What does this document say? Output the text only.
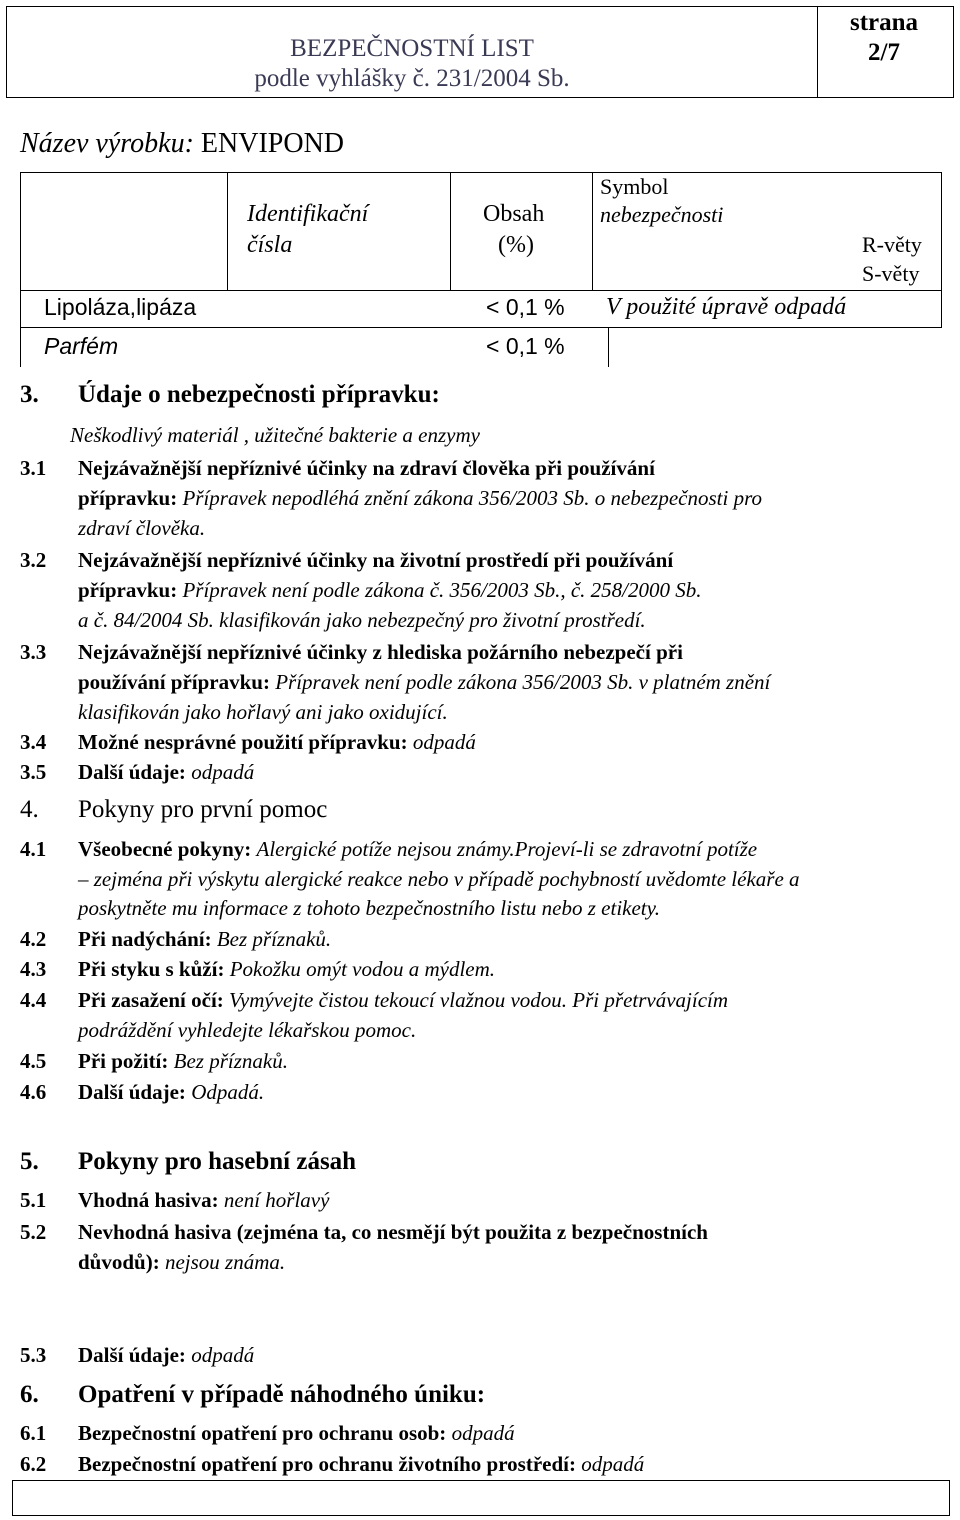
BEZPEČNOSTNÍ LIST
podle vyhlášky č. 231/2004 Sb.
strana
2/7
Název výrobku: ENVIPOND
Identifikační
čísla
Obsah
(%)
Symbol
nebezpečnosti
R-věty
S-věty
Lipoláza,lipáza	< 0,1 % V použité úpravě odpadá
Parfém	< 0,1 %
3. Údaje o nebezpečnosti přípravku:
Neškodlivý materiál , užitečné bakterie a enzymy
3.1 Nejzávažnější nepříznivé účinky na zdraví člověka při používání
přípravku: Přípravek nepodléhá znění zákona 356/2003 Sb. o nebezpečnosti pro
zdraví člověka.
3.2 Nejzávažnější nepříznivé účinky na životní prostředí při používání
přípravku: Přípravek není podle zákona č. 356/2003 Sb., č. 258/2000 Sb.
a č. 84/2004 Sb. klasifikován jako nebezpečný pro životní prostředí.
3.3 Nejzávažnější nepříznivé účinky z hlediska požárního nebezpečí při
používání přípravku: Přípravek není podle zákona 356/2003 Sb. v platném znění
klasifikován jako hořlavý ani jako oxidující.
3.4 Možné nesprávné použití přípravku: odpadá
3.5 Další údaje: odpadá
4. Pokyny pro první pomoc
4.1 Všeobecné pokyny: Alergické potíže nejsou známy.Projeví-li se zdravotní potíže
– zejména při výskytu alergické reakce nebo v případě pochybností uvědomte lékaře a
poskytněte mu informace z tohoto bezpečnostního listu nebo z etikety.
4.2 Při nadýchání: Bez příznaků.
4.3 Při styku s kůží: Pokožku omýt vodou a mýdlem.
4.4 Při zasažení očí: Vymývejte čistou tekoucí vlažnou vodou. Při přetrvávajícím
podráždění vyhledejte lékařskou pomoc.
4.5 Při požití: Bez příznaků.
4.6 Další údaje: Odpadá.
5. Pokyny pro hasební zásah
5.1 Vhodná hasiva: není hořlavý
5.2 Nevhodná hasiva (zejména ta, co nesmějí být použita z bezpečnostních
důvodů): nejsou známa.
5.3 Další údaje: odpadá
6. Opatření v případě náhodného úniku:
6.1 Bezpečnostní opatření pro ochranu osob: odpadá
6.2 Bezpečnostní opatření pro ochranu životního prostředí: odpadá
